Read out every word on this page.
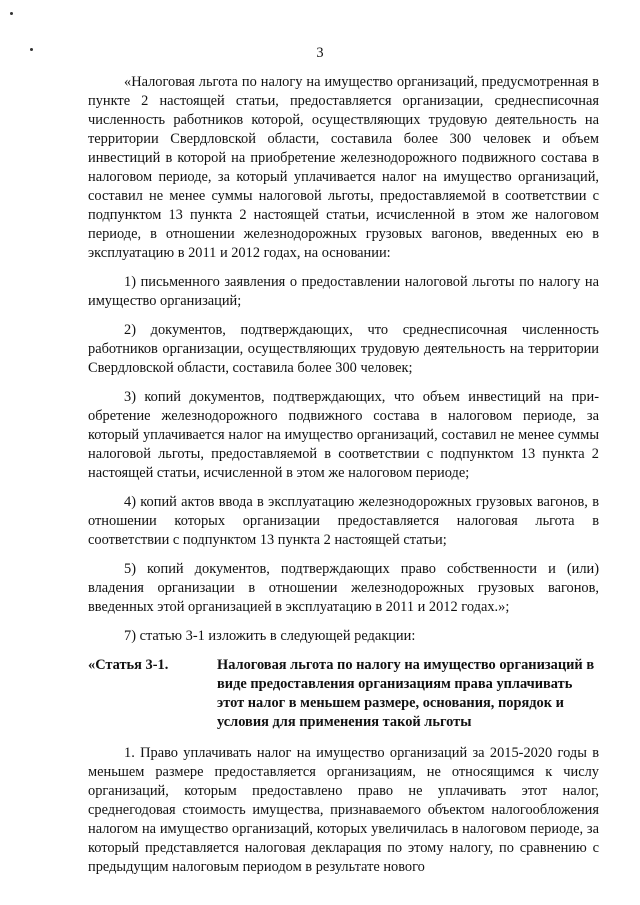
3

«Налоговая льгота по налогу на имущество организаций, предусмотренная в пункте 2 настоящей статьи, предоставляется организации, среднесписочная численность работников которой, осуществляющих трудовую деятельность на территории Свердловской области, составила более 300 человек и объем инвестиций в которой на приобретение железнодорожного подвижного состава в налоговом периоде, за который уплачивается налог на имущество организаций, составил не менее суммы налоговой льготы, предоставляемой в соответствии с подпунктом 13 пункта 2 настоящей статьи, исчисленной в этом же налоговом периоде, в отношении железнодорожных грузовых вагонов, введенных ею в эксплуатацию в 2011 и 2012 годах, на основании:

1) письменного заявления о предоставлении налоговой льготы по налогу на имущество организаций;

2) документов, подтверждающих, что среднесписочная численность работников организации, осуществляющих трудовую деятельность на территории Свердловской области, составила более 300 человек;

3) копий документов, подтверждающих, что объем инвестиций на приобретение железнодорожного подвижного состава в налоговом периоде, за который уплачивается налог на имущество организаций, составил не менее суммы налоговой льготы, предоставляемой в соответствии с подпунктом 13 пункта 2 настоящей статьи, исчисленной в этом же налоговом периоде;

4) копий актов ввода в эксплуатацию железнодорожных грузовых вагонов, в отношении которых организации предоставляется налоговая льгота в соответствии с подпунктом 13 пункта 2 настоящей статьи;

5) копий документов, подтверждающих право собственности и (или) владения организации в отношении железнодорожных грузовых вагонов, введенных этой организацией в эксплуатацию в 2011 и 2012 годах.»;

7) статью 3-1 изложить в следующей редакции:

«Статья 3-1.	Налоговая льгота по налогу на имущество организаций в виде предоставления организациям права уплачивать этот налог в меньшем размере, основания, порядок и условия для применения такой льготы

1. Право уплачивать налог на имущество организаций за 2015-2020 годы в меньшем размере предоставляется организациям, не относящимся к числу организаций, которым предоставлено право не уплачивать этот налог, среднегодовая стоимость имущества, признаваемого объектом налогообложения налогом на имущество организаций, которых увеличилась в налоговом периоде, за который представляется налоговая декларация по этому налогу, по сравнению с предыдущим налоговым периодом в результате нового
